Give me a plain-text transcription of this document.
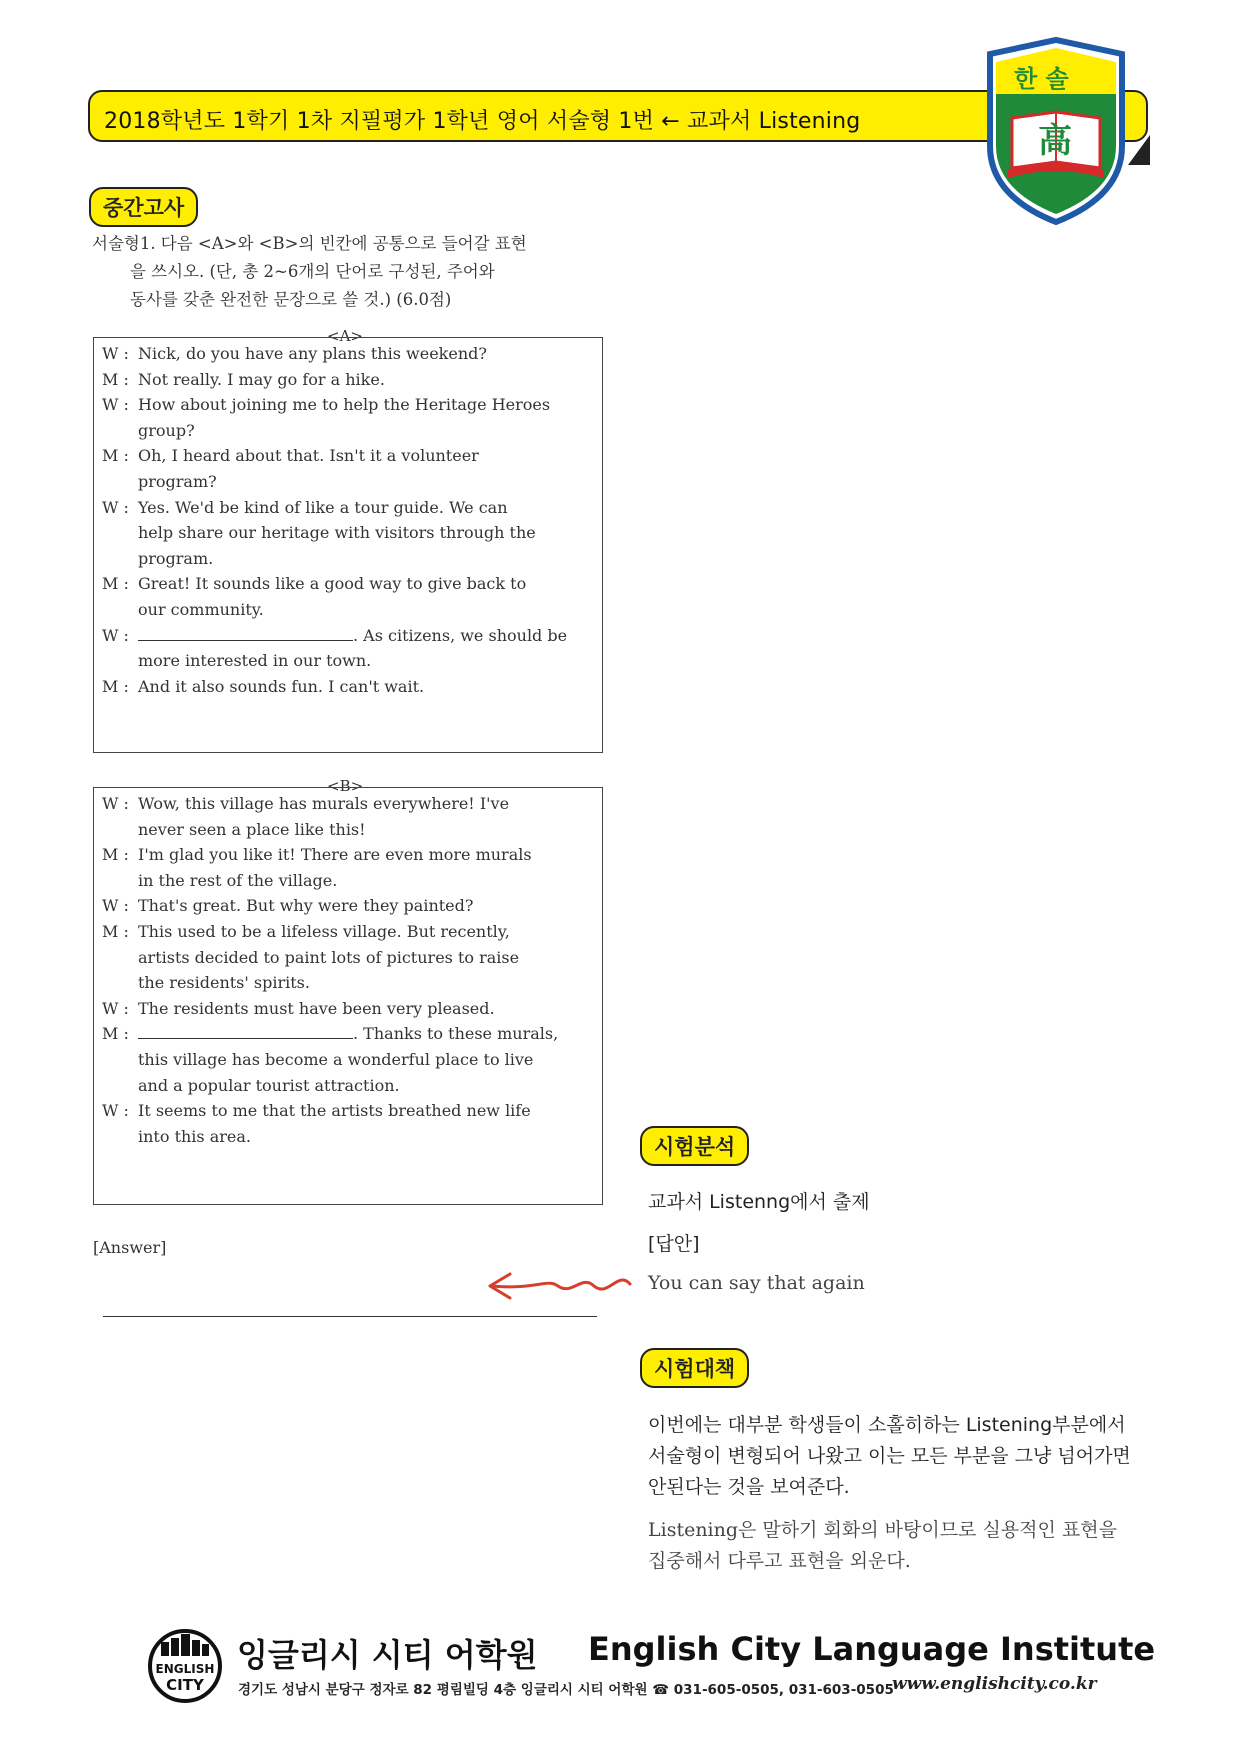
2018학년도 1학기 1차 지필평가 1학년 영어 서술형 1번 ← 교과서 Listening
한 솔
高
중간고사
서술형1. 다음 <A>와 <B>의 빈칸에 공통으로 들어갈 표현
을 쓰시오. (단, 총 2~6개의 단어로 구성된, 주어와
동사를 갖춘 완전한 문장으로 쓸 것.) (6.0점)
<A>
W : Nick, do you have any plans this weekend?
M : Not really. I may go for a hike.
W : How about joining me to help the Heritage Heroes
group?
M : Oh, I heard about that. Isn't it a volunteer
program?
W : Yes. We'd be kind of like a tour guide. We can
help share our heritage with visitors through the
program.
M : Great! It sounds like a good way to give back to
our community.
W :	. As citizens, we should be
more interested in our town.
M : And it also sounds fun. I can't wait.
<B>
W : Wow, this village has murals everywhere! I've
never seen a place like this!
M : I'm glad you like it! There are even more murals
in the rest of the village.
W : That's great. But why were they painted?
M : This used to be a lifeless village. But recently,
artists decided to paint lots of pictures to raise
the residents' spirits.
W : The residents must have been very pleased.
M :	. Thanks to these murals,
this village has become a wonderful place to live
and a popular tourist attraction.
W : It seems to me that the artists breathed new life
into this area.
[Answer]
시험분석
교과서 Listenng에서 출제
[답안]
You can say that again
시험대책
이번에는 대부분 학생들이 소홀히하는 Listening부분에서
서술형이 변형되어 나왔고 이는 모든 부분을 그냥 넘어가면
안된다는 것을 보여준다.
Listening은 말하기 회화의 바탕이므로 실용적인 표현을
집중해서 다루고 표현을 외운다.
ENGLISH
CITY
잉글리시 시티 어학원 English City Language Institute
경기도 성남시 분당구 정자로 82 평림빌딩 4층 잉글리시 시티 어학원 ☎ 031-605-0505, 031-603-0505
www.englishcity.co.kr
